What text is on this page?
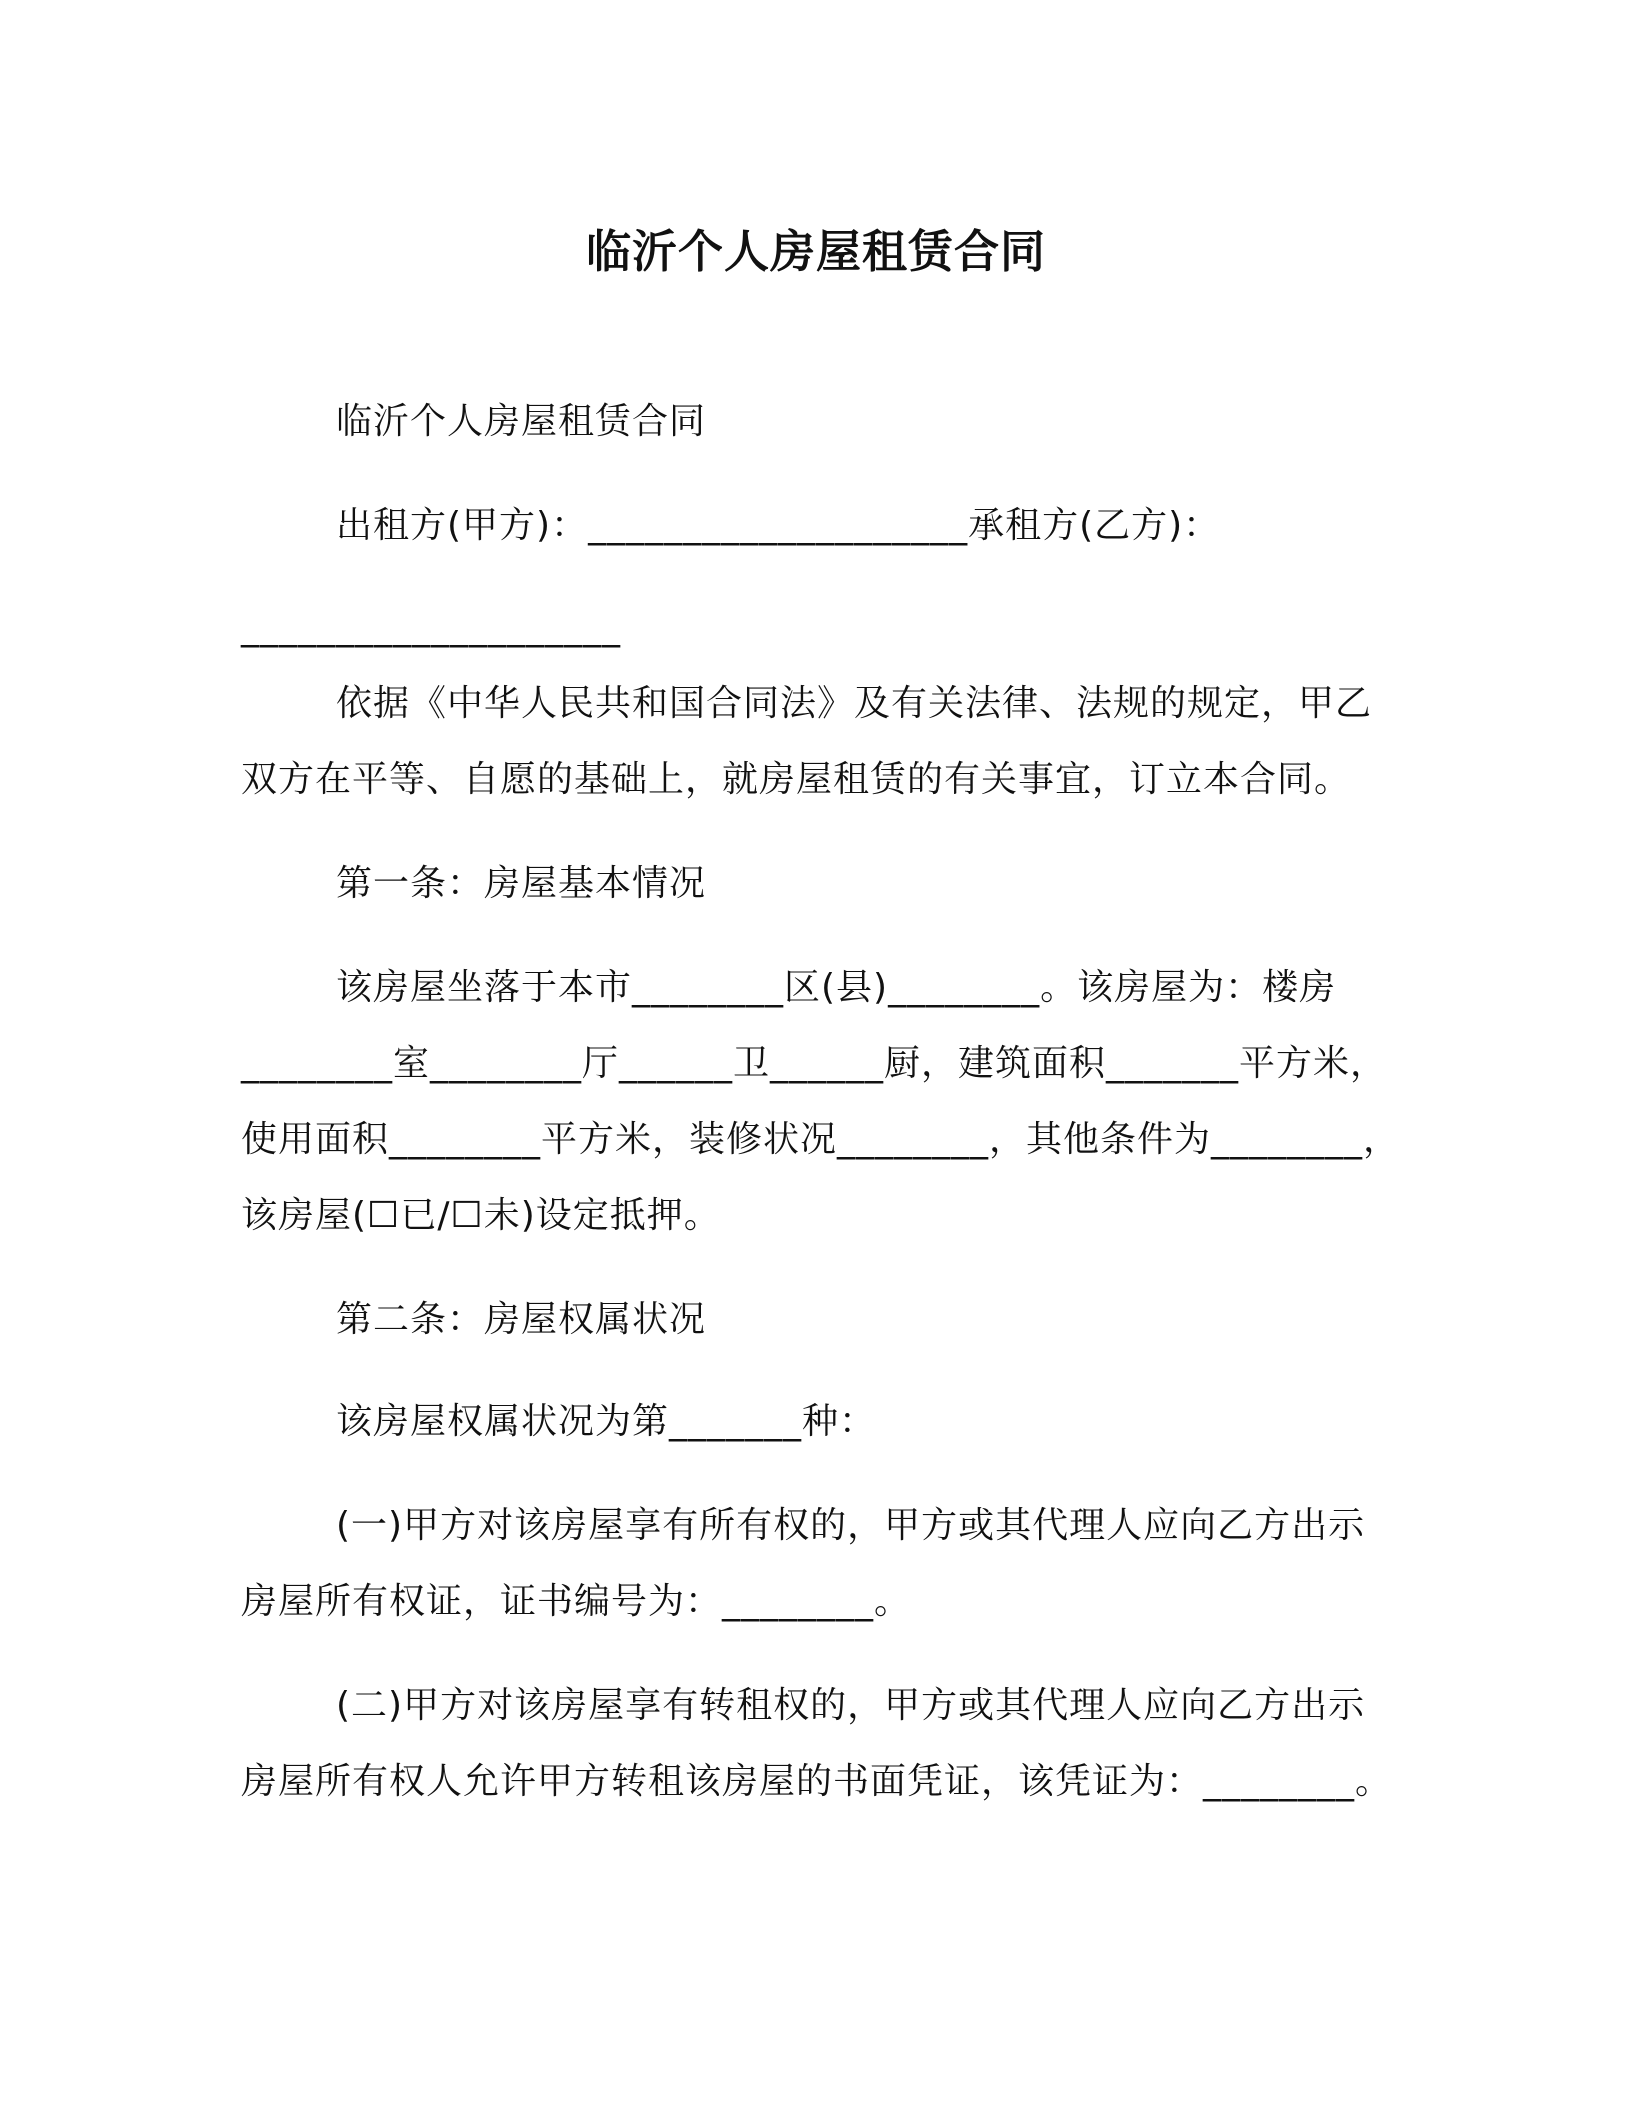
临沂个人房屋租赁合同
临沂个人房屋租赁合同
出租方(甲方)：____________________承租方(乙方)：
____________________
依据《中华人民共和国合同法》及有关法律、法规的规定，甲乙
双方在平等、自愿的基础上，就房屋租赁的有关事宜，订立本合同。
第一条：房屋基本情况
该房屋坐落于本市________区(县)________。该房屋为：楼房
________室________厅______卫______厨，建筑面积_______平方米，
使用面积________平方米，装修状况________，其他条件为________，
该房屋(☐已/☐未)设定抵押。
第二条：房屋权属状况
该房屋权属状况为第_______种：
(一)甲方对该房屋享有所有权的，甲方或其代理人应向乙方出示
房屋所有权证，证书编号为：________。
(二)甲方对该房屋享有转租权的，甲方或其代理人应向乙方出示
房屋所有权人允许甲方转租该房屋的书面凭证，该凭证为：________。
